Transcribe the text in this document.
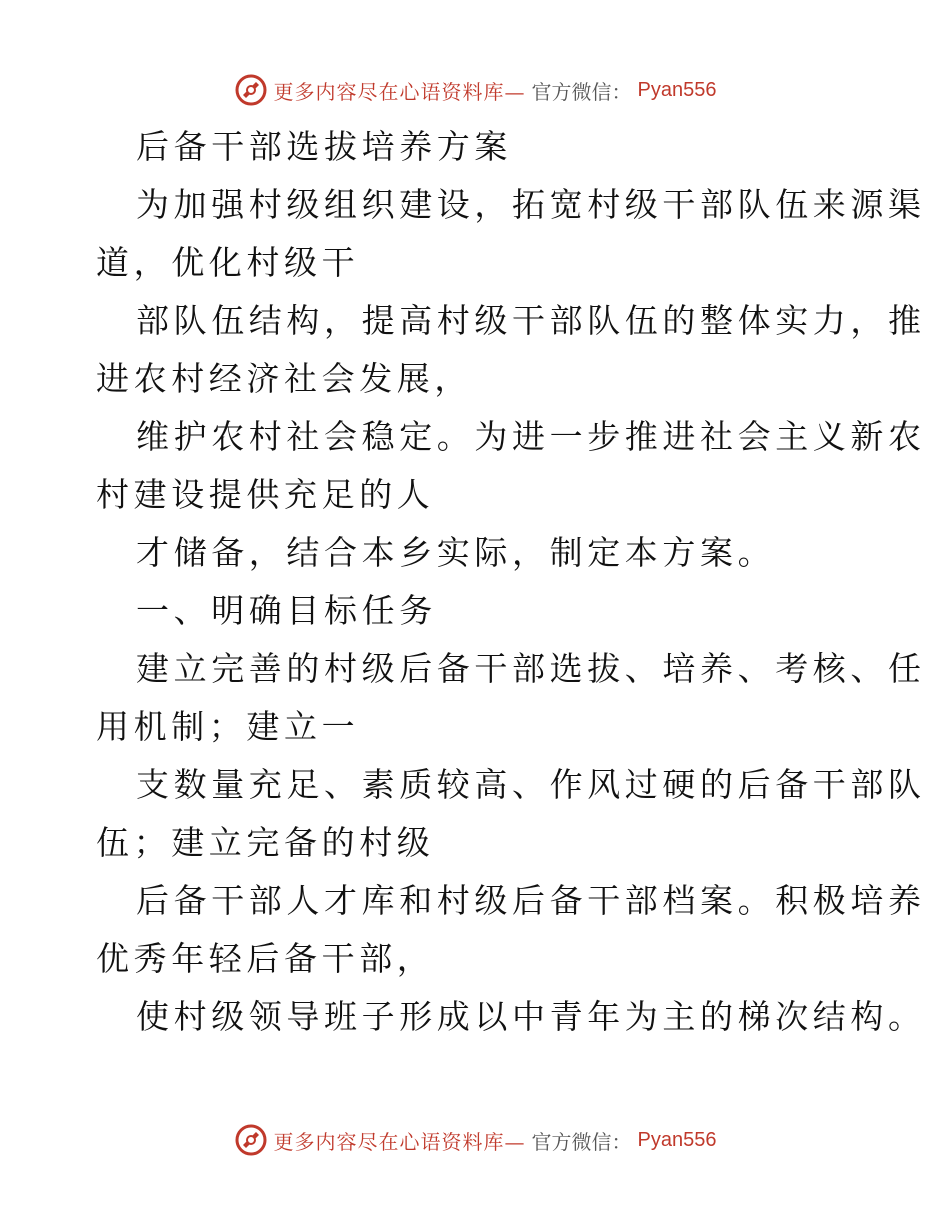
更多内容尽在心语资料库— 官方微信： Pyan556
后备干部选拔培养方案
为加强村级组织建设，拓宽村级干部队伍来源渠
道，优化村级干
部队伍结构，提高村级干部队伍的整体实力，推
进农村经济社会发展，
维护农村社会稳定。为进一步推进社会主义新农
村建设提供充足的人
才储备，结合本乡实际，制定本方案。
一、明确目标任务
建立完善的村级后备干部选拔、培养、考核、任
用机制；建立一
支数量充足、素质较高、作风过硬的后备干部队
伍；建立完备的村级
后备干部人才库和村级后备干部档案。积极培养
优秀年轻后备干部，
使村级领导班子形成以中青年为主的梯次结构。
更多内容尽在心语资料库— 官方微信： Pyan556
